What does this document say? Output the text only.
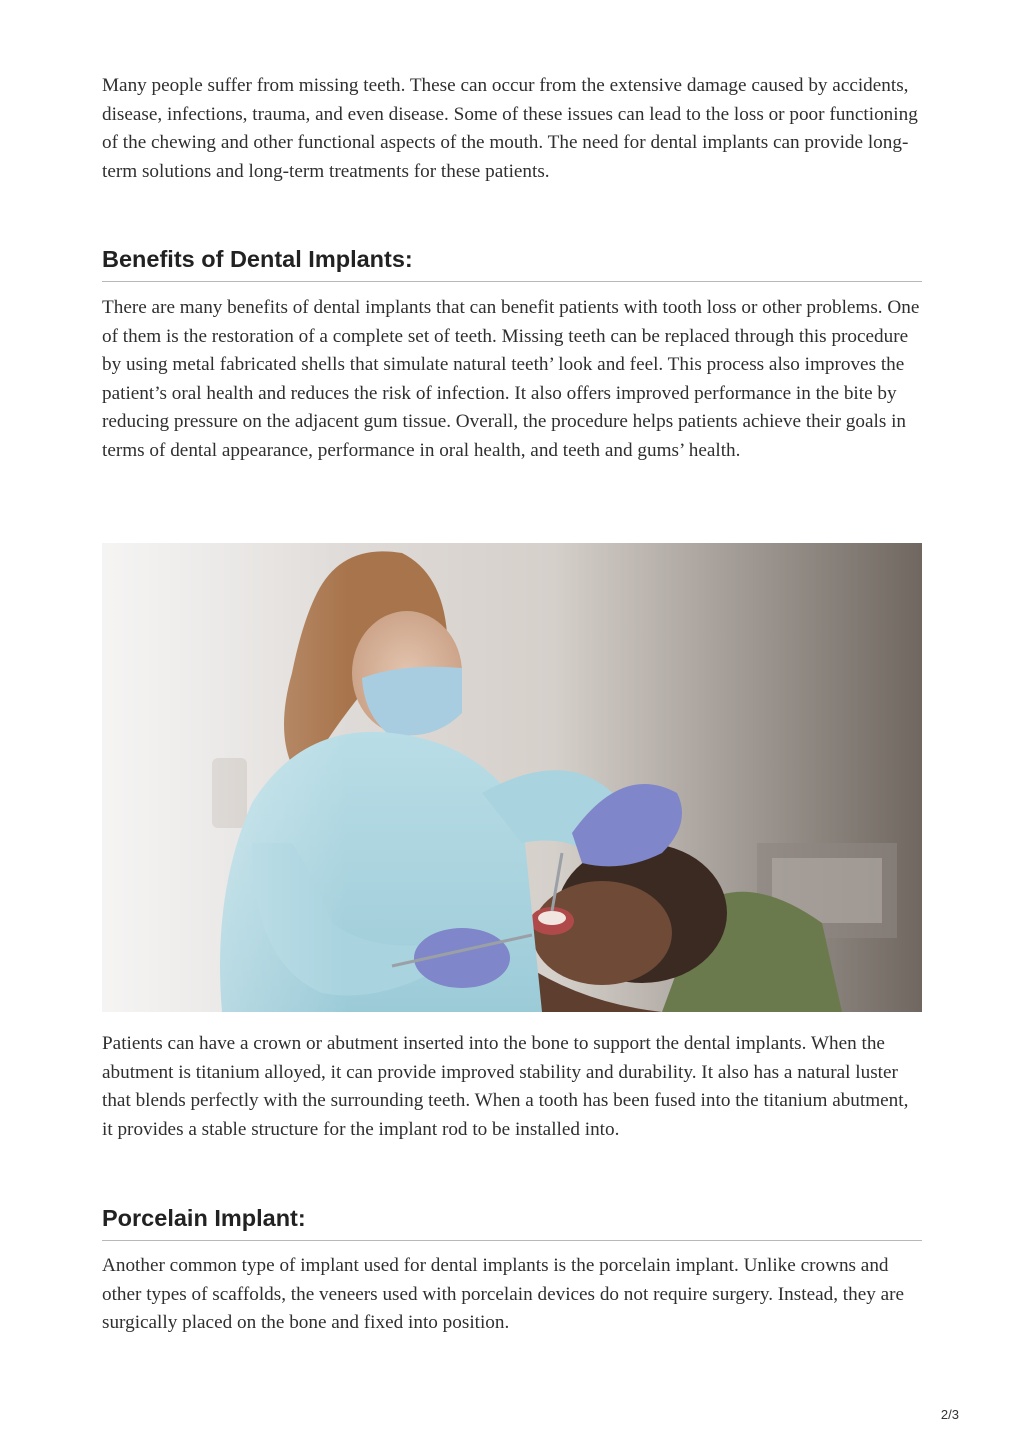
Many people suffer from missing teeth. These can occur from the extensive damage caused by accidents, disease, infections, trauma, and even disease. Some of these issues can lead to the loss or poor functioning of the chewing and other functional aspects of the mouth. The need for dental implants can provide long-term solutions and long-term treatments for these patients.

Benefits of Dental Implants:

There are many benefits of dental implants that can benefit patients with tooth loss or other problems. One of them is the restoration of a complete set of teeth. Missing teeth can be replaced through this procedure by using metal fabricated shells that simulate natural teeth’ look and feel. This process also improves the patient’s oral health and reduces the risk of infection. It also offers improved performance in the bite by reducing pressure on the adjacent gum tissue. Overall, the procedure helps patients achieve their goals in terms of dental appearance, performance in oral health, and teeth and gums’ health.

Patients can have a crown or abutment inserted into the bone to support the dental implants. When the abutment is titanium alloyed, it can provide improved stability and durability. It also has a natural luster that blends perfectly with the surrounding teeth. When a tooth has been fused into the titanium abutment, it provides a stable structure for the implant rod to be installed into.

Porcelain Implant:

Another common type of implant used for dental implants is the porcelain implant. Unlike crowns and other types of scaffolds, the veneers used with porcelain devices do not require surgery. Instead, they are surgically placed on the bone and fixed into position.

2/3
